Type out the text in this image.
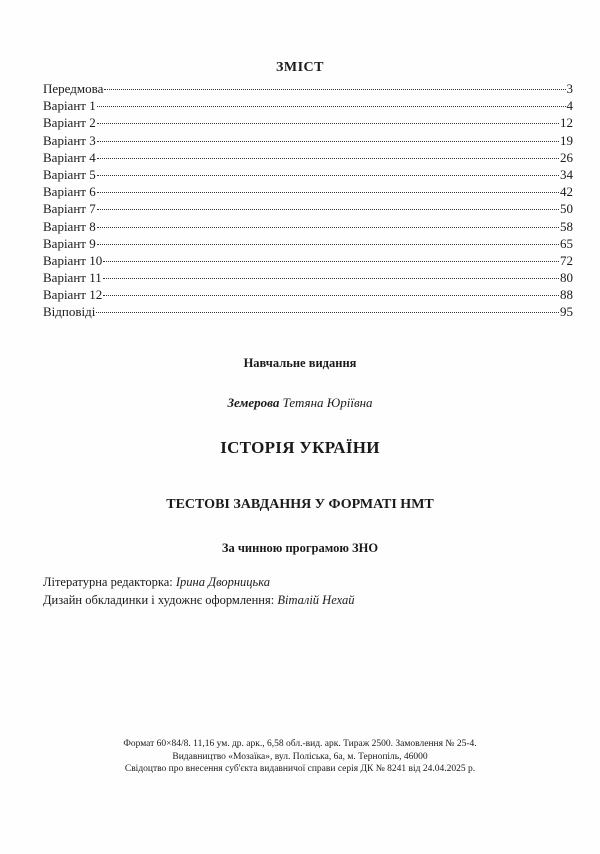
ЗМІСТ
Передмова	3
Варіант 1	4
Варіант 2	12
Варіант 3	19
Варіант 4	26
Варіант 5	34
Варіант 6	42
Варіант 7	50
Варіант 8	58
Варіант 9	65
Варіант 10	72
Варіант 11	80
Варіант 12	88
Відповіді	95
Навчальне видання
Земерова Тетяна Юріївна
ІСТОРІЯ УКРАЇНИ
ТЕСТОВІ ЗАВДАННЯ У ФОРМАТІ НМТ
За чинною програмою ЗНО
Літературна редакторка: Ірина Дворницька
Дизайн обкладинки і художнє оформлення: Віталій Нехай
Формат 60×84/8. 11,16 ум. др. арк., 6,58 обл.-вид. арк. Тираж 2500. Замовлення № 25-4.
Видавництво «Мозаїка», вул. Поліська, 6а, м. Тернопіль, 46000
Свідоцтво про внесення суб'єкта видавничої справи серія ДК № 8241 від 24.04.2025 р.
